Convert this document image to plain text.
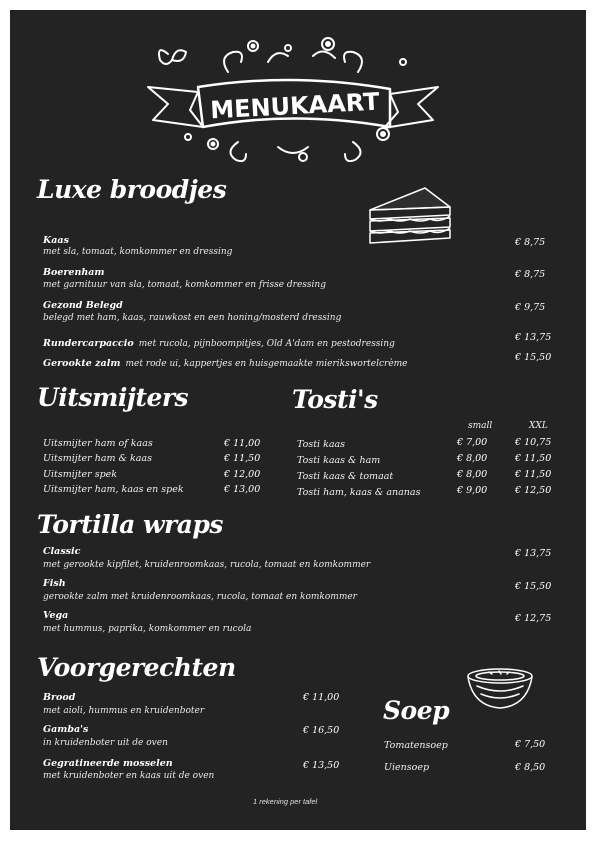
MENUKAART
Luxe broodjes
Kaas
met sla, tomaat, komkommer en dressing
€ 8,75
Boerenham
met garnituur van sla, tomaat, komkommer en frisse dressing
€ 8,75
Gezond Belegd
belegd met ham, kaas, rauwkost en een honing/mosterd dressing
€ 9,75
Rundercarpaccio met rucola, pijnboompitjes, Old A'dam en pestodressing
€ 13,75
Gerookte zalm met rode ui, kappertjes en huisgemaakte mierikswortelcrème
€ 15,50
Uitsmijters
Uitsmijter ham of kaas	€ 11,00
Uitsmijter ham & kaas	€ 11,50
Uitsmijter spek	€ 12,00
Uitsmijter ham, kaas en spek	€ 13,00
Tosti's
small	XXL
Tosti kaas	€ 7,00	€ 10,75
Tosti kaas & ham	€ 8,00	€ 11,50
Tosti kaas & tomaat	€ 8,00	€ 11,50
Tosti ham, kaas & ananas	€ 9,00	€ 12,50
Tortilla wraps
Classic
met gerookte kipfilet, kruidenroomkaas, rucola, tomaat en komkommer
€ 13,75
Fish
gerookte zalm met kruidenroomkaas, rucola, tomaat en komkommer
€ 15,50
Vega
met hummus, paprika, komkommer en rucola
€ 12,75
Voorgerechten
Brood
met aioli, hummus en kruidenboter
€ 11,00
Gamba's
in kruidenboter uit de oven
€ 16,50
Gegratineerde mosselen
met kruidenboter en kaas uit de oven
€ 13,50
Soep
Tomatensoep	€ 7,50
Uiensoep	€ 8,50
1 rekening per tafel
